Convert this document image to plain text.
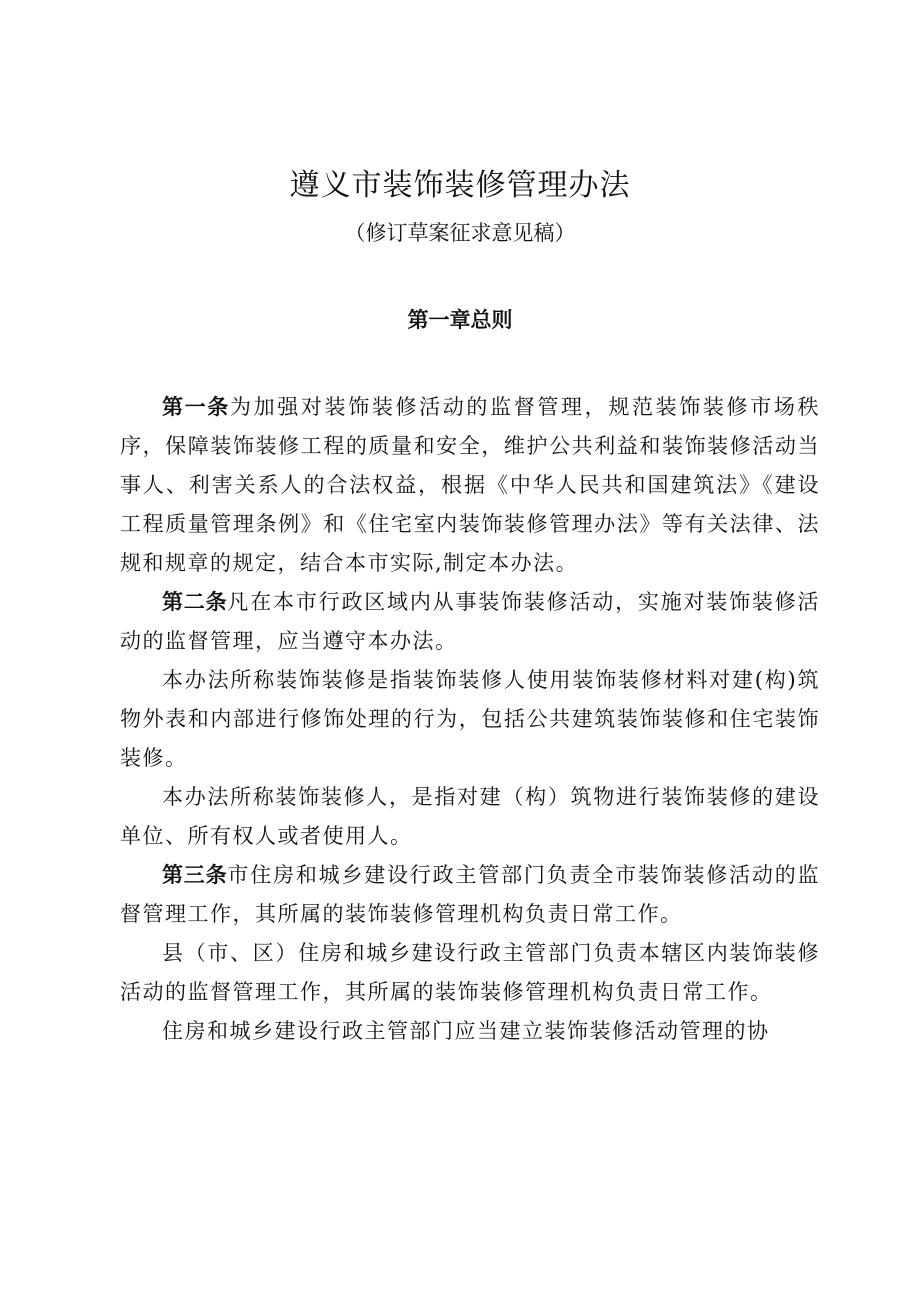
遵义市装饰装修管理办法
（修订草案征求意见稿）
第一章总则

第一条为加强对装饰装修活动的监督管理，规范装饰装修市场秩序，保障装饰装修工程的质量和安全，维护公共利益和装饰装修活动当事人、利害关系人的合法权益，根据《中华人民共和国建筑法》《建设工程质量管理条例》和《住宅室内装饰装修管理办法》等有关法律、法规和规章的规定，结合本市实际,制定本办法。

第二条凡在本市行政区域内从事装饰装修活动，实施对装饰装修活动的监督管理，应当遵守本办法。

本办法所称装饰装修是指装饰装修人使用装饰装修材料对建(构)筑物外表和内部进行修饰处理的行为，包括公共建筑装饰装修和住宅装饰装修。

本办法所称装饰装修人，是指对建（构）筑物进行装饰装修的建设单位、所有权人或者使用人。

第三条市住房和城乡建设行政主管部门负责全市装饰装修活动的监督管理工作，其所属的装饰装修管理机构负责日常工作。

县（市、区）住房和城乡建设行政主管部门负责本辖区内装饰装修活动的监督管理工作，其所属的装饰装修管理机构负责日常工作。

住房和城乡建设行政主管部门应当建立装饰装修活动管理的协
